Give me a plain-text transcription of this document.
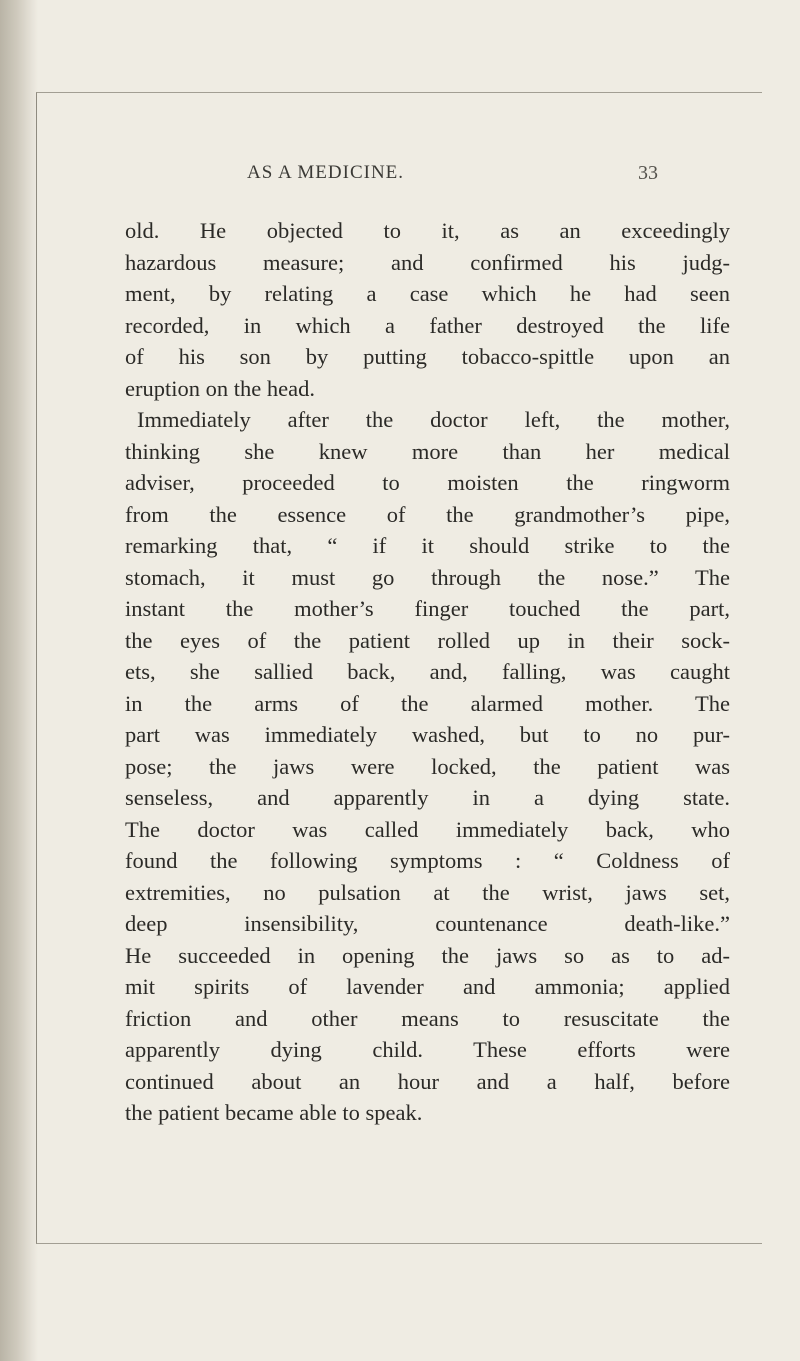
AS A MEDICINE.	33
old. He objected to it, as an exceedingly
hazardous measure; and confirmed his judg-
ment, by relating a case which he had seen
recorded, in which a father destroyed the life
of his son by putting tobacco-spittle upon an
eruption on the head.
Immediately after the doctor left, the mother,
thinking she knew more than her medical
adviser, proceeded to moisten the ringworm
from the essence of the grandmother’s pipe,
remarking that, “ if it should strike to the
stomach, it must go through the nose.” The
instant the mother’s finger touched the part,
the eyes of the patient rolled up in their sock-
ets, she sallied back, and, falling, was caught
in the arms of the alarmed mother. The
part was immediately washed, but to no pur-
pose; the jaws were locked, the patient was
senseless, and apparently in a dying state.
The doctor was called immediately back, who
found the following symptoms : “ Coldness of
extremities, no pulsation at the wrist, jaws set,
deep insensibility, countenance death-like.”
He succeeded in opening the jaws so as to ad-
mit spirits of lavender and ammonia; applied
friction and other means to resuscitate the
apparently dying child. These efforts were
continued about an hour and a half, before
the patient became able to speak.
